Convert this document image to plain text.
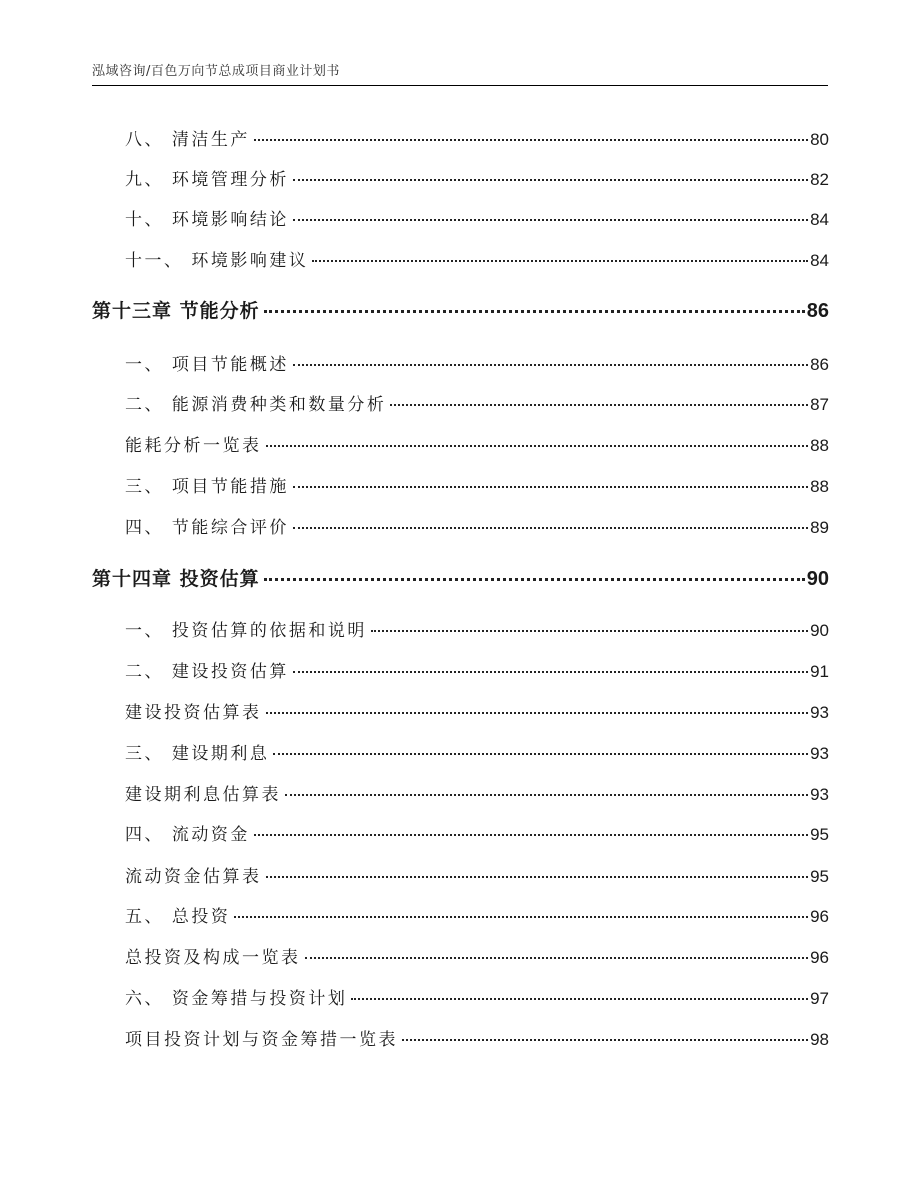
泓域咨询/百色万向节总成项目商业计划书
八、 清洁生产	80
九、 环境管理分析	82
十、 环境影响结论	84
十一、 环境影响建议	84
第十三章 节能分析	86
一、 项目节能概述	86
二、 能源消费种类和数量分析	87
能耗分析一览表	88
三、 项目节能措施	88
四、 节能综合评价	89
第十四章 投资估算	90
一、 投资估算的依据和说明	90
二、 建设投资估算	91
建设投资估算表	93
三、 建设期利息	93
建设期利息估算表	93
四、 流动资金	95
流动资金估算表	95
五、 总投资	96
总投资及构成一览表	96
六、 资金筹措与投资计划	97
项目投资计划与资金筹措一览表	98
